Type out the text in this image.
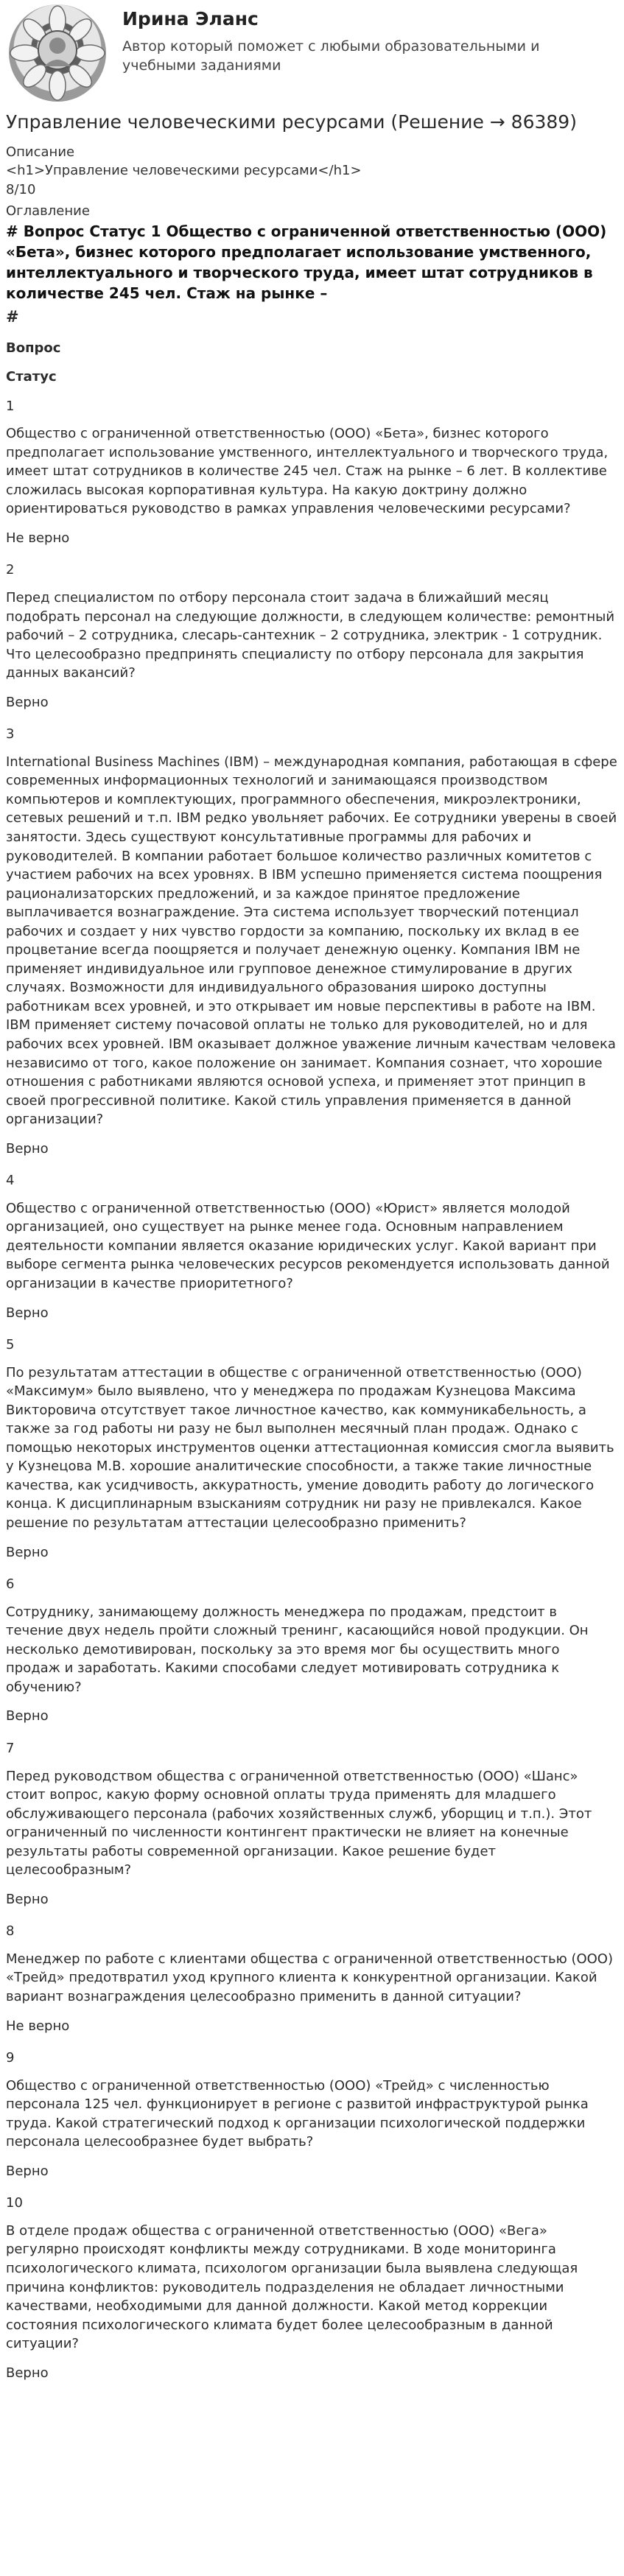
Ирина Эланс
Автор который поможет с любыми образовательными и учебными заданиями
Управление человеческими ресурсами (Решение → 86389)
Описание
<h1>Управление человеческими ресурсами</h1>
8/10
Оглавление
# Вопрос Статус 1 Общество с ограниченной ответственностью (ООО) «Бета», бизнес которого предполагает использование умственного, интеллектуального и творческого труда, имеет штат сотрудников в количестве 245 чел. Стаж на рынке –
#
Вопрос
Статус
1
Общество с ограниченной ответственностью (ООО) «Бета», бизнес которого предполагает использование умственного, интеллектуального и творческого труда, имеет штат сотрудников в количестве 245 чел. Стаж на рынке – 6 лет. В коллективе сложилась высокая корпоративная культура. На какую доктрину должно ориентироваться руководство в рамках управления человеческими ресурсами?
Не верно
2
Перед специалистом по отбору персонала стоит задача в ближайший месяц подобрать персонал на следующие должности, в следующем количестве: ремонтный рабочий – 2 сотрудника, слесарь-сантехник – 2 сотрудника, электрик - 1 сотрудник. Что целесообразно предпринять специалисту по отбору персонала для закрытия данных вакансий?
Верно
3
International Business Machines (IBM) – международная компания, работающая в сфере современных информационных технологий и занимающаяся производством компьютеров и комплектующих, программного обеспечения, микроэлектроники, сетевых решений и т.п. IBM редко увольняет рабочих. Ее сотрудники уверены в своей занятости. Здесь существуют консультативные программы для рабочих и руководителей. В компании работает большое количество различных комитетов с участием рабочих на всех уровнях. В IBM успешно применяется система поощрения рационализаторских предложений, и за каждое принятое предложение выплачивается вознаграждение. Эта система использует творческий потенциал рабочих и создает у них чувство гордости за компанию, поскольку их вклад в ее процветание всегда поощряется и получает денежную оценку. Компания IBM не применяет индивидуальное или групповое денежное стимулирование в других случаях. Возможности для индивидуального образования широко доступны работникам всех уровней, и это открывает им новые перспективы в работе на IBM. IBM применяет систему почасовой оплаты не только для руководителей, но и для рабочих всех уровней. IBM оказывает должное уважение личным качествам человека независимо от того, какое положение он занимает. Компания сознает, что хорошие отношения с работниками являются основой успеха, и применяет этот принцип в своей прогрессивной политике. Какой стиль управления применяется в данной организации?
Верно
4
Общество с ограниченной ответственностью (ООО) «Юрист» является молодой организацией, оно существует на рынке менее года. Основным направлением деятельности компании является оказание юридических услуг. Какой вариант при выборе сегмента рынка человеческих ресурсов рекомендуется использовать данной организации в качестве приоритетного?
Верно
5
По результатам аттестации в обществе с ограниченной ответственностью (ООО) «Максимум» было выявлено, что у менеджера по продажам Кузнецова Максима Викторовича отсутствует такое личностное качество, как коммуникабельность, а также за год работы ни разу не был выполнен месячный план продаж. Однако с помощью некоторых инструментов оценки аттестационная комиссия смогла выявить у Кузнецова М.В. хорошие аналитические способности, а также такие личностные качества, как усидчивость, аккуратность, умение доводить работу до логического конца. К дисциплинарным взысканиям сотрудник ни разу не привлекался. Какое решение по результатам аттестации целесообразно применить?
Верно
6
Сотруднику, занимающему должность менеджера по продажам, предстоит в течение двух недель пройти сложный тренинг, касающийся новой продукции. Он несколько демотивирован, поскольку за это время мог бы осуществить много продаж и заработать. Какими способами следует мотивировать сотрудника к обучению?
Верно
7
Перед руководством общества с ограниченной ответственностью (ООО) «Шанс» стоит вопрос, какую форму основной оплаты труда применять для младшего обслуживающего персонала (рабочих хозяйственных служб, уборщиц и т.п.). Этот ограниченный по численности контингент практически не влияет на конечные результаты работы современной организации. Какое решение будет целесообразным?
Верно
8
Менеджер по работе с клиентами общества с ограниченной ответственностью (ООО) «Трейд» предотвратил уход крупного клиента к конкурентной организации. Какой вариант вознаграждения целесообразно применить в данной ситуации?
Не верно
9
Общество с ограниченной ответственностью (ООО) «Трейд» с численностью персонала 125 чел. функционирует в регионе с развитой инфраструктурой рынка труда. Какой стратегический подход к организации психологической поддержки персонала целесообразнее будет выбрать?
Верно
10
В отделе продаж общества с ограниченной ответственностью (ООО) «Вега» регулярно происходят конфликты между сотрудниками. В ходе мониторинга психологического климата, психологом организации была выявлена следующая причина конфликтов: руководитель подразделения не обладает личностными качествами, необходимыми для данной должности. Какой метод коррекции состояния психологического климата будет более целесообразным в данной ситуации?
Верно
